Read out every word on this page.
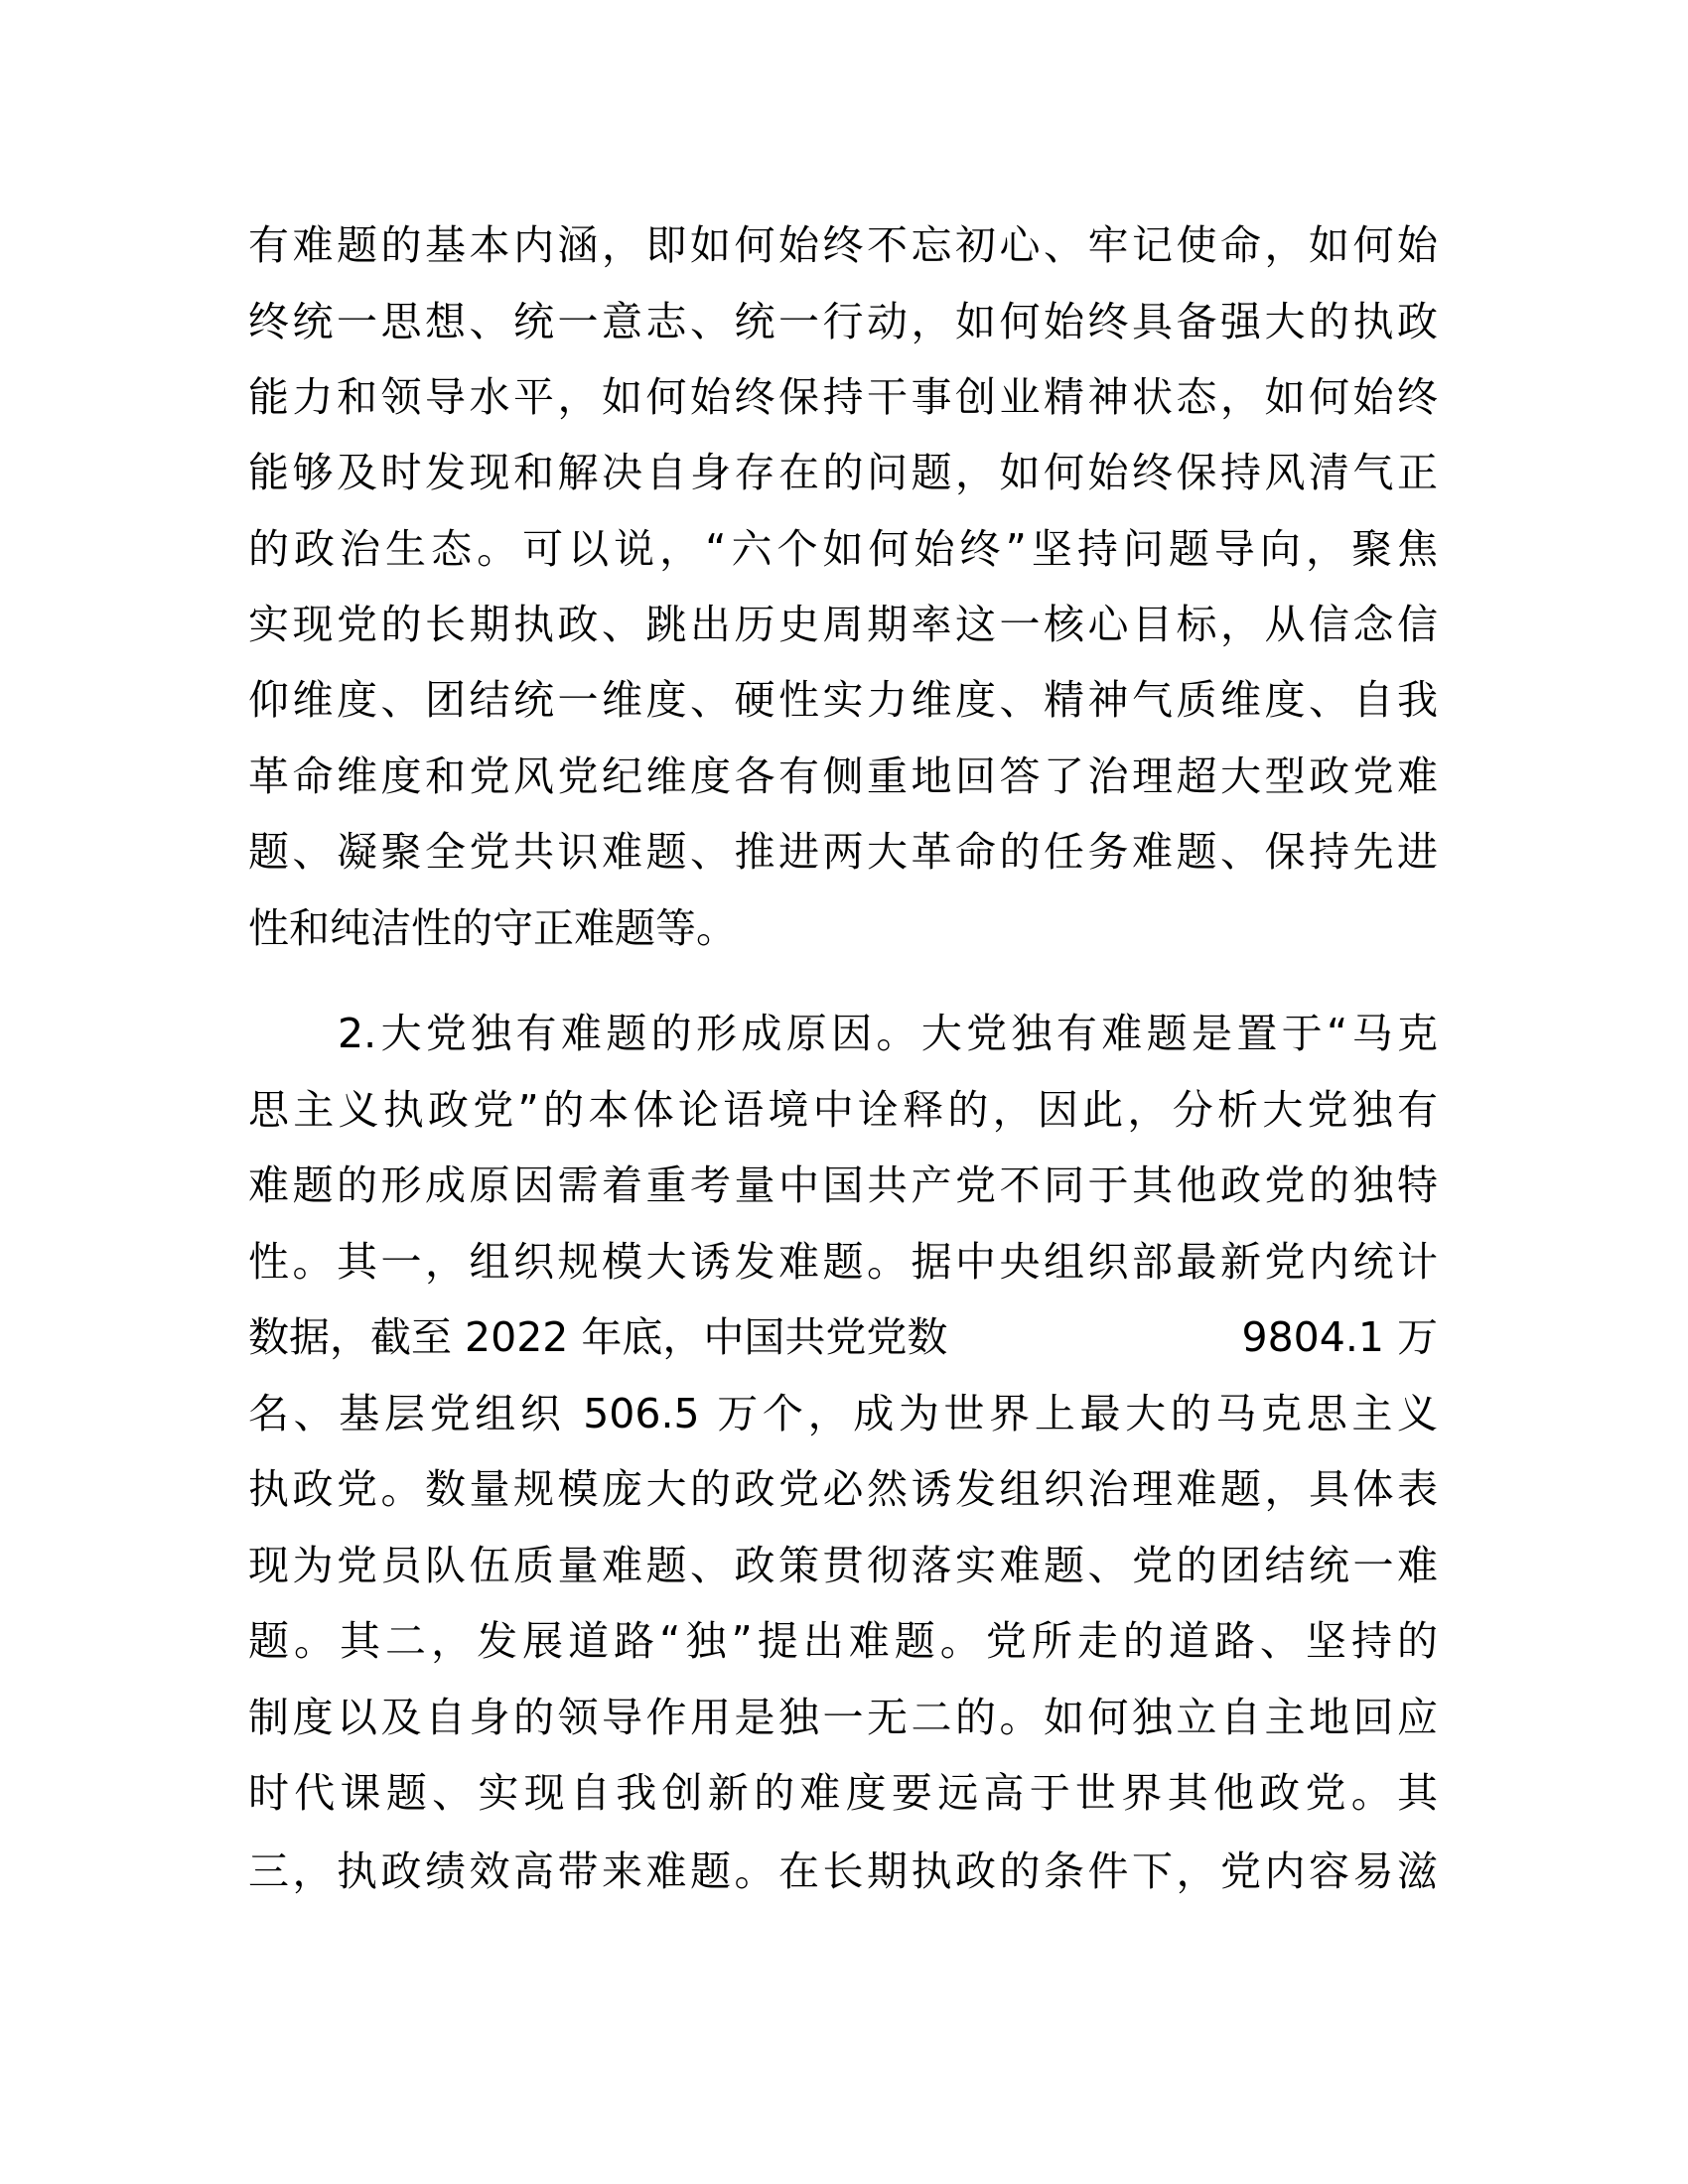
有难题的基本内涵，即如何始终不忘初心、牢记使命，如何始
终统一思想、统一意志、统一行动，如何始终具备强大的执政
能力和领导水平，如何始终保持干事创业精神状态，如何始终
能够及时发现和解决自身存在的问题，如何始终保持风清气正
的政治生态。可以说，“六个如何始终”坚持问题导向，聚焦
实现党的长期执政、跳出历史周期率这一核心目标，从信念信
仰维度、团结统一维度、硬性实力维度、精神气质维度、自我
革命维度和党风党纪维度各有侧重地回答了治理超大型政党难
题、凝聚全党共识难题、推进两大革命的任务难题、保持先进
性和纯洁性的守正难题等。
2.大党独有难题的形成原因。大党独有难题是置于“马克
思主义执政党”的本体论语境中诠释的，因此，分析大党独有
难题的形成原因需着重考量中国共产党不同于其他政党的独特
性。其一，组织规模大诱发难题。据中央组织部最新党内统计
数据，截至 2022 年底，中国共党党数	9804.1 万
名、基层党组织 506.5 万个，成为世界上最大的马克思主义
执政党。数量规模庞大的政党必然诱发组织治理难题，具体表
现为党员队伍质量难题、政策贯彻落实难题、党的团结统一难
题。其二，发展道路“独”提出难题。党所走的道路、坚持的
制度以及自身的领导作用是独一无二的。如何独立自主地回应
时代课题、实现自我创新的难度要远高于世界其他政党。其
三，执政绩效高带来难题。在长期执政的条件下，党内容易滋
